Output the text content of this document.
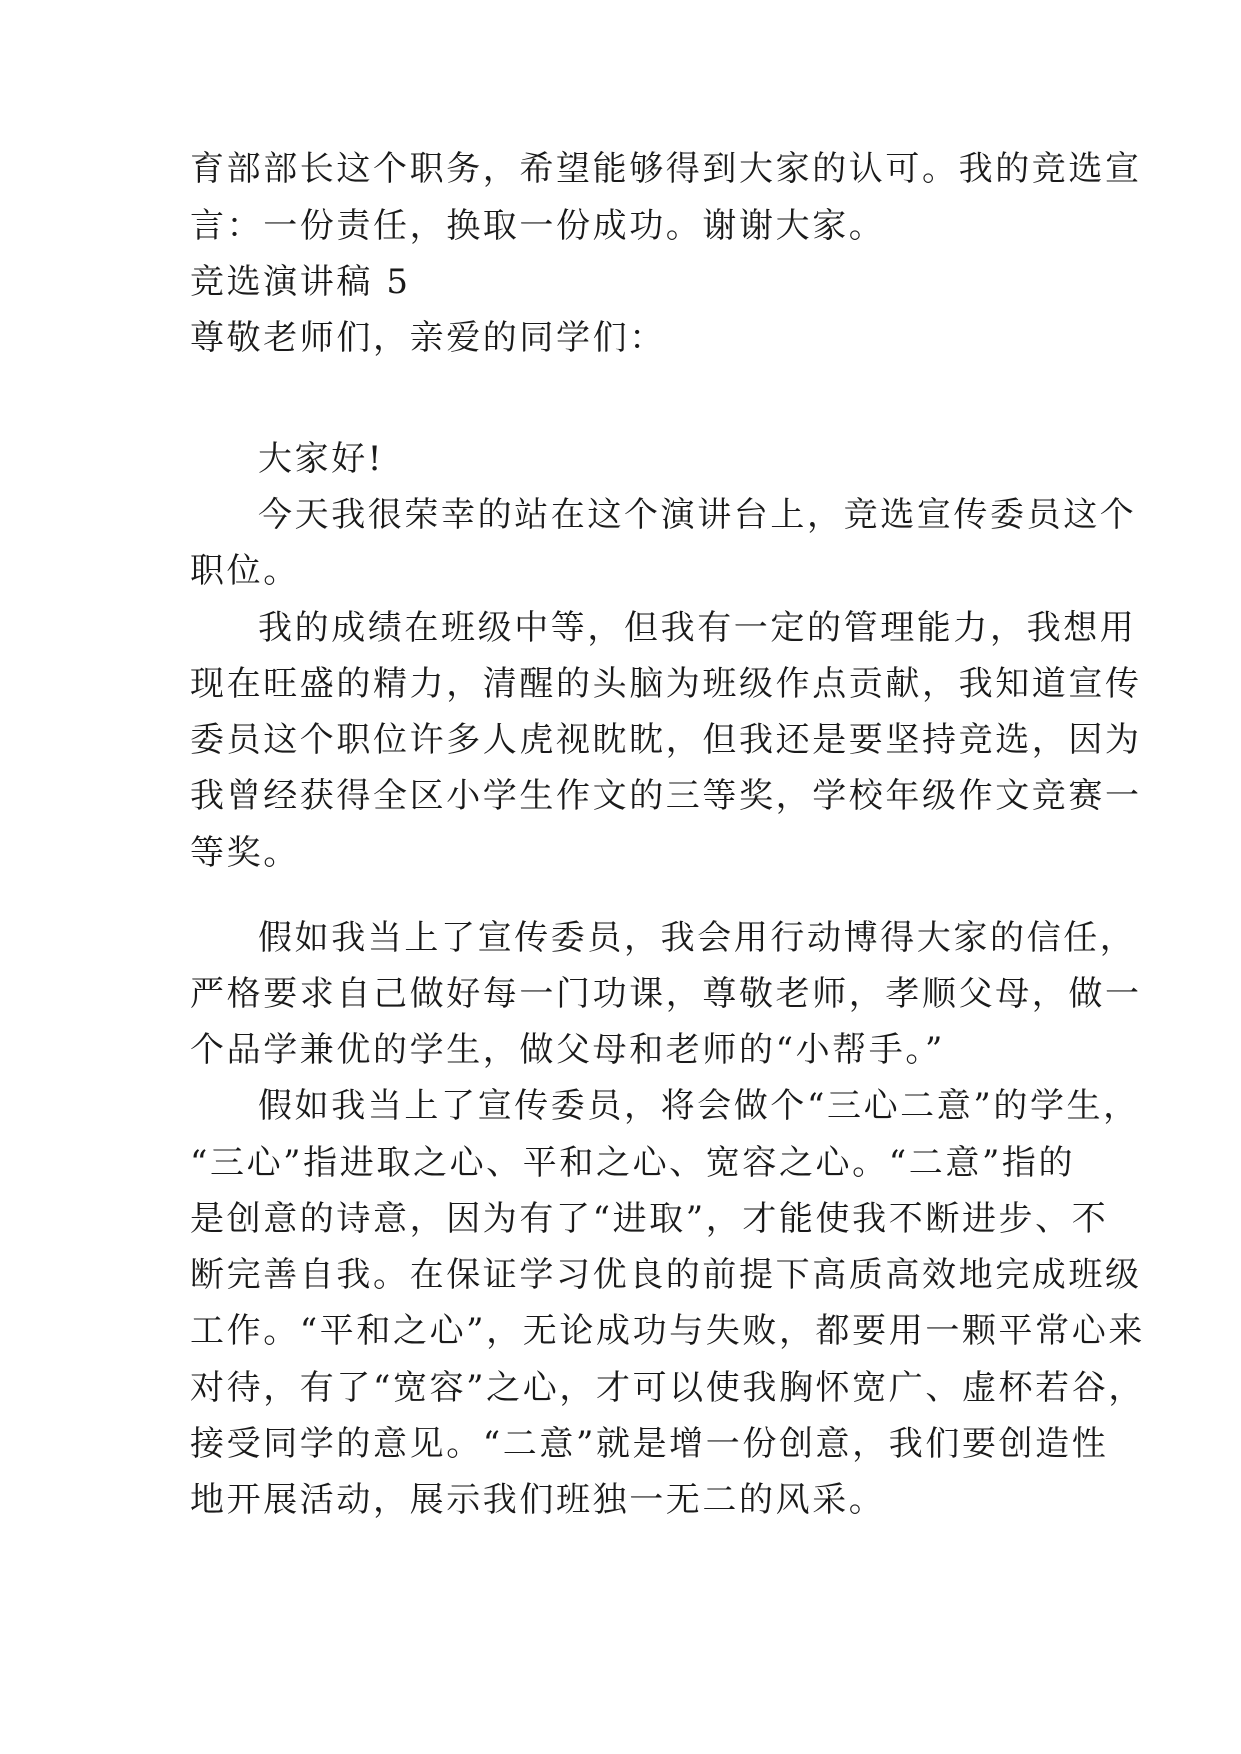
育部部长这个职务，希望能够得到大家的认可。我的竞选宣
言：一份责任，换取一份成功。谢谢大家。
竞选演讲稿 5
尊敬老师们，亲爱的同学们：
大家好!
今天我很荣幸的站在这个演讲台上，竞选宣传委员这个
职位。
我的成绩在班级中等，但我有一定的管理能力，我想用
现在旺盛的精力，清醒的头脑为班级作点贡献，我知道宣传
委员这个职位许多人虎视眈眈，但我还是要坚持竞选，因为
我曾经获得全区小学生作文的三等奖，学校年级作文竞赛一
等奖。
假如我当上了宣传委员，我会用行动博得大家的信任，
严格要求自己做好每一门功课，尊敬老师，孝顺父母，做一
个品学兼优的学生，做父母和老师的“小帮手。”
假如我当上了宣传委员，将会做个“三心二意”的学生，
“三心”指进取之心、平和之心、宽容之心。“二意”指的
是创意的诗意，因为有了“进取”，才能使我不断进步、不
断完善自我。在保证学习优良的前提下高质高效地完成班级
工作。“平和之心”，无论成功与失败，都要用一颗平常心来
对待，有了“宽容”之心，才可以使我胸怀宽广、虚杯若谷，
接受同学的意见。“二意”就是增一份创意，我们要创造性
地开展活动，展示我们班独一无二的风采。
